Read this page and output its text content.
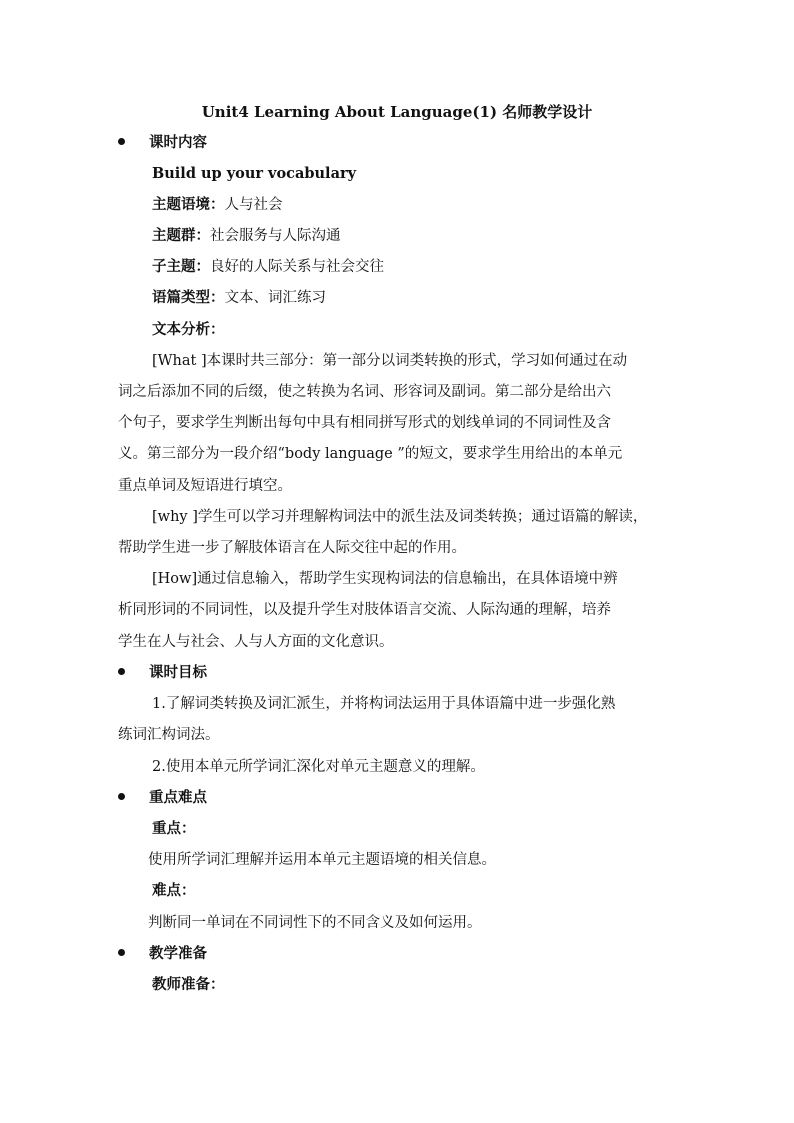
Unit4 Learning About Language(1) 名师教学设计
课时内容
Build up your vocabulary
主题语境：人与社会
主题群：社会服务与人际沟通
子主题：良好的人际关系与社会交往
语篇类型：文本、词汇练习
文本分析：
[What ]本课时共三部分：第一部分以词类转换的形式，学习如何通过在动
词之后添加不同的后缀，使之转换为名词、形容词及副词。第二部分是给出六
个句子，要求学生判断出每句中具有相同拼写形式的划线单词的不同词性及含
义。第三部分为一段介绍“body language ”的短文，要求学生用给出的本单元
重点单词及短语进行填空。
[why ]学生可以学习并理解构词法中的派生法及词类转换；通过语篇的解读，
帮助学生进一步了解肢体语言在人际交往中起的作用。
[How]通过信息输入，帮助学生实现构词法的信息输出，在具体语境中辨
析同形词的不同词性，以及提升学生对肢体语言交流、人际沟通的理解，培养
学生在人与社会、人与人方面的文化意识。
课时目标
1.了解词类转换及词汇派生，并将构词法运用于具体语篇中进一步强化熟
练词汇构词法。
2.使用本单元所学词汇深化对单元主题意义的理解。
重点难点
重点：
使用所学词汇理解并运用本单元主题语境的相关信息。
难点：
判断同一单词在不同词性下的不同含义及如何运用。
教学准备
教师准备：
